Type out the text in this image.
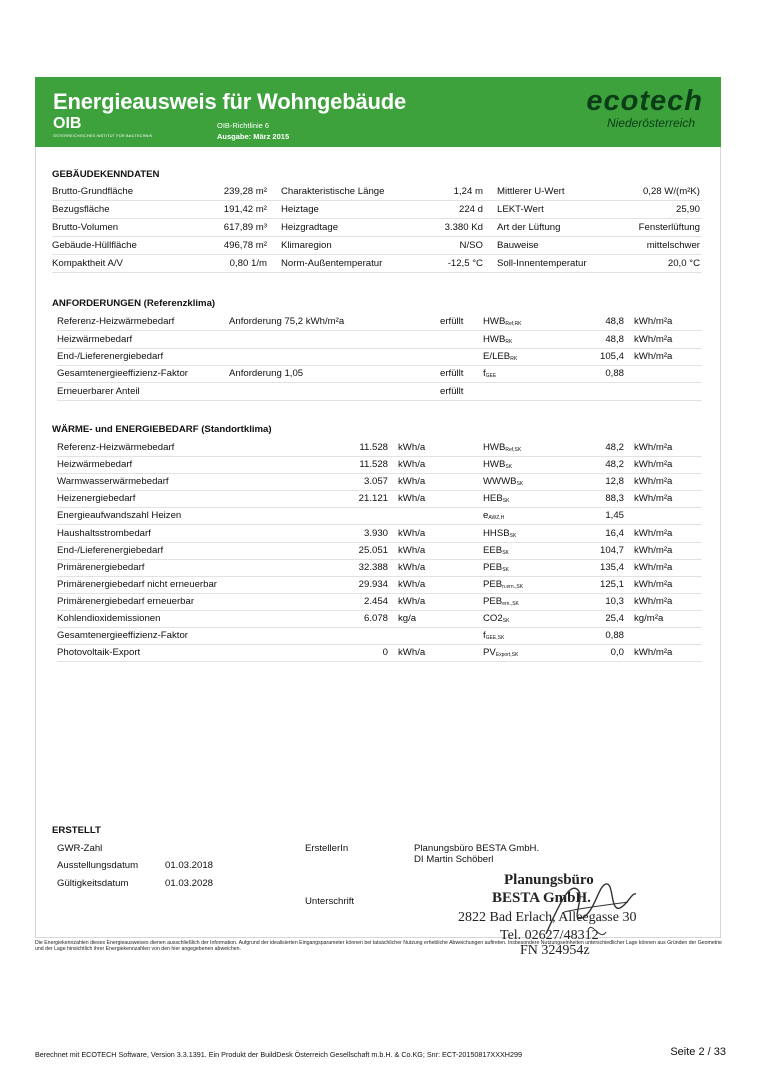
Energieausweis für Wohngebäude
OIB
ÖSTERREICHISCHES INSTITUT FÜR BAUTECHNIK
OIB-Richtlinie 6
Ausgabe: März 2015
ecotech
Niederösterreich
GEBÄUDEKENNDATEN
Brutto-Grundfläche	239,28 m² Charakteristische Länge	1,24 m Mittlerer U-Wert	0,28 W/(m²K)
Bezugsfläche	191,42 m² Heiztage	224 d LEKT-Wert	25,90
Brutto-Volumen	617,89 m³ Heizgradtage	3.380 Kd Art der Lüftung	Fensterlüftung
Gebäude-Hüllfläche	496,78 m² Klimaregion	N/SO Bauweise	mittelschwer
Kompaktheit A/V	0,80 1/m Norm-Außentemperatur	-12,5 °C Soll-Innentemperatur	20,0 °C
ANFORDERUNGEN (Referenzklima)
Referenz-Heizwärmebedarf	Anforderung 75,2 kWh/m²a	erfüllt $HWB_{Ref,RK}$	48,8 kWh/m²a
Heizwärmebedarf	$HWB_{RK}$	48,8 kWh/m²a
End-/Lieferenergiebedarf	$E/LEB_{RK}$	105,4 kWh/m²a
Gesamtenergieeffizienz-Faktor	Anforderung 1,05	erfüllt $f_{GEE}$	0,88
Erneuerbarer Anteil	erfüllt
WÄRME- und ENERGIEBEDARF (Standortklima)
Referenz-Heizwärmebedarf	11.528 kWh/a	$HWB_{Ref,SK}$	48,2 kWh/m²a
Heizwärmebedarf	11.528 kWh/a	$HWB_{SK}$	48,2 kWh/m²a
Warmwasserwärmebedarf	3.057 kWh/a	$WWWB_{SK}$	12,8 kWh/m²a
Heizenergiebedarf	21.121 kWh/a	$HEB_{SK}$	88,3 kWh/m²a
Energieaufwandszahl Heizen	$e_{AWZ,H}$	1,45
Haushaltsstrombedarf	3.930 kWh/a	$HHSB_{SK}$	16,4 kWh/m²a
End-/Lieferenergiebedarf	25.051 kWh/a	$EEB_{SK}$	104,7 kWh/m²a
Primärenergiebedarf	32.388 kWh/a	$PEB_{SK}$	135,4 kWh/m²a
Primärenergiebedarf nicht erneuerbar	29.934 kWh/a	$PEB_{n.ern.,SK}$	125,1 kWh/m²a
Primärenergiebedarf erneuerbar	2.454 kWh/a	$PEB_{ern.,SK}$	10,3 kWh/m²a
Kohlendioxidemissionen	6.078 kg/a	$CO2_{SK}$	25,4 kg/m²a
Gesamtenergieeffizienz-Faktor	$f_{GEE,SK}$	0,88
Photovoltaik-Export	0 kWh/a	$PV_{Export,SK}$	0,0 kWh/m²a
ERSTELLT
GWR-Zahl
Ausstellungsdatum	01.03.2018
Gültigkeitsdatum	01.03.2028
ErstellerIn	Planungsbüro BESTA GmbH.
DI Martin Schöberl
Unterschrift
Planungsbüro
BESTA GmbH.
2822 Bad Erlach, Alleegasse 30
Tel. 02627/48312
FN 324954z
Die Energiekennzahlen dieses Energieausweises dienen ausschließlich der Information. Aufgrund der idealisierten Eingangsparameter können bei tatsächlicher Nutzung erhebliche Abweichungen auftreten. Insbesondere Nutzungseinheiten unterschiedlicher Lage können aus Gründen der Geometrie und der Lage hinsichtlich ihrer Energiekennzahlen von den hier angegebenen abweichen.
Berechnet mit ECOTECH Software, Version 3.3.1391. Ein Produkt der BuildDesk Österreich Gesellschaft m.b.H. & Co.KG; Snr: ECT-20150817XXXH299	Seite 2 / 33
